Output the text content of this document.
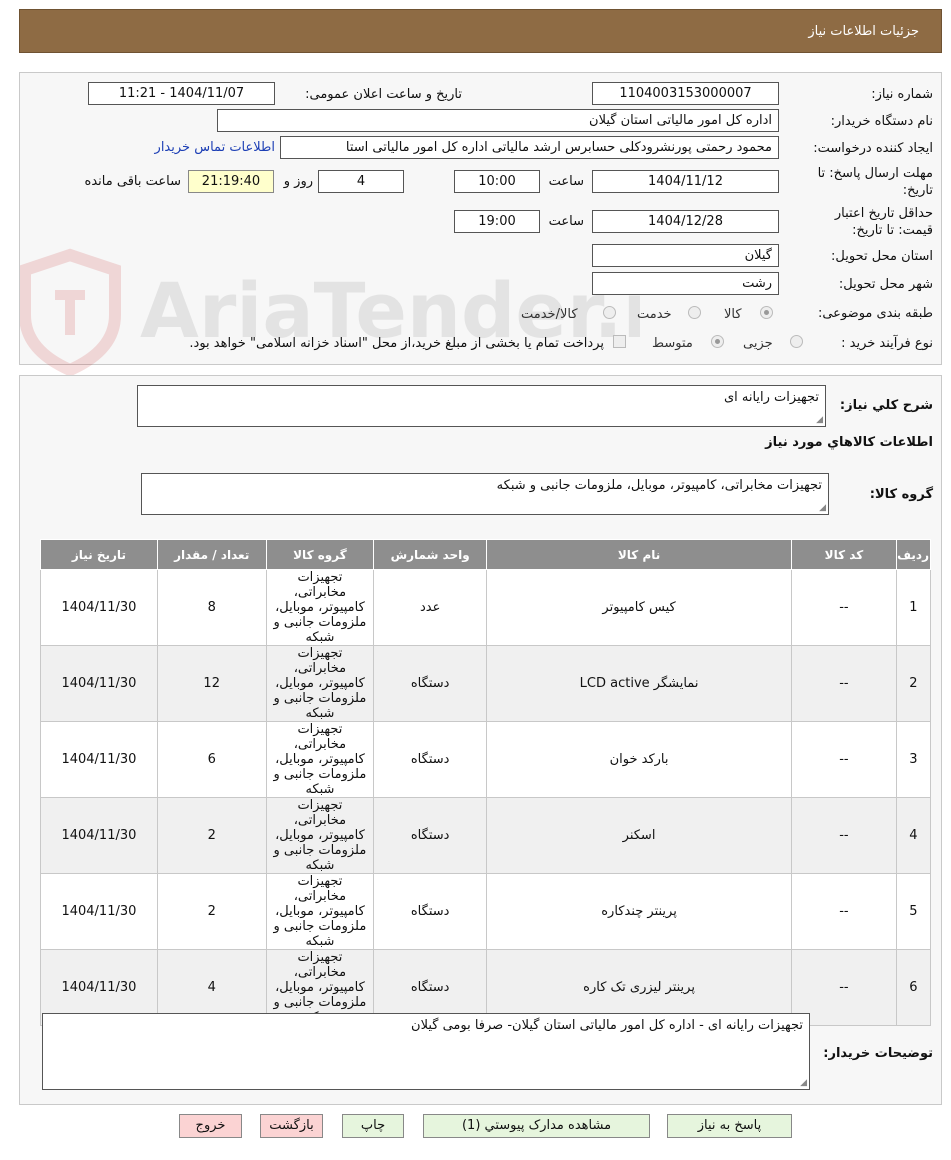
جزئیات اطلاعات نیاز
شماره نیاز:
1104003153000007
تاریخ و ساعت اعلان عمومی:
1404/11/07 - 11:21
نام دستگاه خریدار:
اداره کل امور مالیاتی استان گیلان
ایجاد کننده درخواست:
محمود رحمتی پورنشرودکلی حسابرس ارشد مالیاتی اداره کل امور مالیاتی استا
اطلاعات تماس خریدار
مهلت ارسال پاسخ: تا تاریخ:
1404/11/12
ساعت
10:00
4
روز و
21:19:40
ساعت باقی مانده
حداقل تاریخ اعتبار قیمت: تا تاریخ:
1404/12/28
ساعت
19:00
استان محل تحویل:
گیلان
شهر محل تحویل:
رشت
طبقه بندی موضوعی:
کالا
خدمت
کالا/خدمت
نوع فرآیند خرید :
جزیی
متوسط
پرداخت تمام یا بخشی از مبلغ خرید،از محل "اسناد خزانه اسلامی" خواهد بود.
شرح کلي نياز:
تجهیزات رایانه ای
◢
اطلاعات کالاهاي مورد نياز
گروه کالا:
تجهیزات مخابراتی، کامپیوتر، موبایل، ملزومات جانبی و شبکه
◢
رديف	کد کالا	نام کالا	واحد شمارش	گروه کالا	تعداد / مقدار	تاريخ نياز
1	--	کیس کامپیوتر	عدد	تجهیزات مخابراتی، کامپیوتر، موبایل، ملزومات جانبی و شبکه	8	1404/11/30
2	--	نمایشگر LCD active	دستگاه	تجهیزات مخابراتی، کامپیوتر، موبایل، ملزومات جانبی و شبکه	12	1404/11/30
3	--	بارکد خوان	دستگاه	تجهیزات مخابراتی، کامپیوتر، موبایل، ملزومات جانبی و شبکه	6	1404/11/30
4	--	اسکنر	دستگاه	تجهیزات مخابراتی، کامپیوتر، موبایل، ملزومات جانبی و شبکه	2	1404/11/30
5	--	پرینتر چندکاره	دستگاه	تجهیزات مخابراتی، کامپیوتر، موبایل، ملزومات جانبی و شبکه	2	1404/11/30
6	--	پرینتر لیزری تک کاره	دستگاه	تجهیزات مخابراتی، کامپیوتر، موبایل، ملزومات جانبی و	4	1404/11/30
توضیحات خریدار:
تجهیزات رایانه ای - اداره کل امور مالیاتی استان گیلان- صرفا بومی گیلان
◢
پاسخ به نیاز
مشاهده مدارک پیوستي (1)
چاپ
بازگشت
خروج
